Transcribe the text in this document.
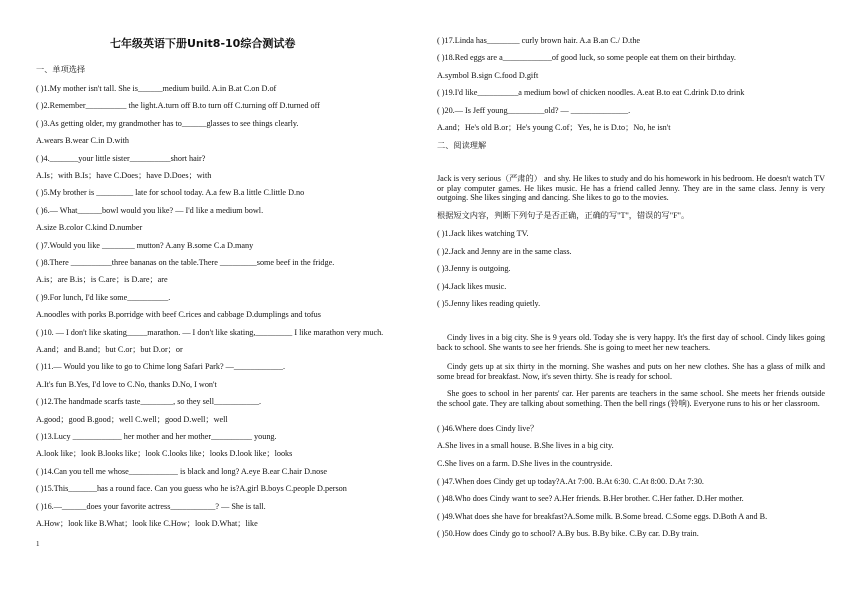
七年级英语下册Unit8-10综合测试卷
一、单项选择
( )1.My mother isn't tall. She is______medium build. A.in B.at C.on D.of
( )2.Remember__________ the light.A.turn off B.to turn off C.turning off D.turned off
( )3.As getting older, my grandmother has to______glasses to see things clearly.
A.wears B.wear C.in D.with
( )4._______your little sister__________short hair?
A.Is；with B.Is；have C.Does；have D.Does；with
( )5.My brother is _________ late for school today. A.a few B.a little C.little D.no
( )6.— What______bowl would you like? — I'd like a medium bowl.
A.size B.color C.kind D.number
( )7.Would you like ________ mutton? A.any B.some C.a D.many
( )8.There __________three bananas on the table.There _________some beef in the fridge.
A.is；are B.is；is C.are；is D.are；are
( )9.For lunch, I'd like some__________.
A.noodles with porks B.porridge with beef C.rices and cabbage D.dumplings and tofus
( )10. — I don't like skating_____marathon. — I don't like skating,_________ I like marathon very much.
A.and；and B.and；but C.or；but D.or；or
( )11.— Would you like to go to Chime long Safari Park? —____________.
A.It's fun B.Yes, I'd love to C.No, thanks D.No, I won't
( )12.The handmade scarfs taste________, so they sell___________.
A.good；good B.good；well C.well；good D.well；well
( )13.Lucy ____________ her mother and her mother__________ young.
A.look like；look B.looks like；look C.looks like；looks D.look like；looks
( )14.Can you tell me whose____________ is black and long? A.eye B.ear C.hair D.nose
( )15.This_______has a round face. Can you guess who he is?A.girl B.boys C.people D.person
( )16.—______does your favorite actress___________? — She is tall.
A.How；look like B.What；look like C.How；look D.What；like
1
( )17.Linda has________ curly brown hair. A.a B.an C./ D.the
( )18.Red eggs are a____________of good luck, so some people eat them on their birthday.
A.symbol B.sign C.food D.gift
( )19.I'd like__________a medium bowl of chicken noodles. A.eat B.to eat C.drink D.to drink
( )20.— Is Jeff young_________old? — ______________.
A.and；He's old B.or；He's young C.of；Yes, he is D.to；No, he isn't
二、阅读理解
Jack is very serious（严肃的） and shy. He likes to study and do his homework in his bedroom. He doesn't watch TV or play computer games. He likes music. He has a friend called Jenny. They are in the same class. Jenny is very outgoing. She likes singing and dancing. She likes to go to the movies.
根据短文内容，判断下列句子是否正确，正确的写"T"，错误的写"F"。
( )1.Jack likes watching TV.
( )2.Jack and Jenny are in the same class.
( )3.Jenny is outgoing.
( )4.Jack likes music.
( )5.Jenny likes reading quietly.
Cindy lives in a big city. She is 9 years old. Today she is very happy. It's the first day of school. Cindy likes going back to school. She wants to see her friends. She is going to meet her new teachers.
Cindy gets up at six thirty in the morning. She washes and puts on her new clothes. She has a glass of milk and some bread for breakfast. Now, it's seven thirty. She is ready for school.
She goes to school in her parents' car. Her parents are teachers in the same school. She meets her friends outside the school gate. They are talking about something. Then the bell rings (铃响). Everyone runs to his or her classroom.
( )46.Where does Cindy live？
A.She lives in a small house. B.She lives in a big city.
C.She lives on a farm. D.She lives in the countryside.
( )47.When does Cindy get up today?A.At 7:00. B.At 6:30. C.At 8:00. D.At 7:30.
( )48.Who does Cindy want to see? A.Her friends. B.Her brother. C.Her father. D.Her mother.
( )49.What does she have for breakfast?A.Some milk. B.Some bread. C.Some eggs. D.Both A and B.
( )50.How does Cindy go to school? A.By bus. B.By bike. C.By car. D.By train.
